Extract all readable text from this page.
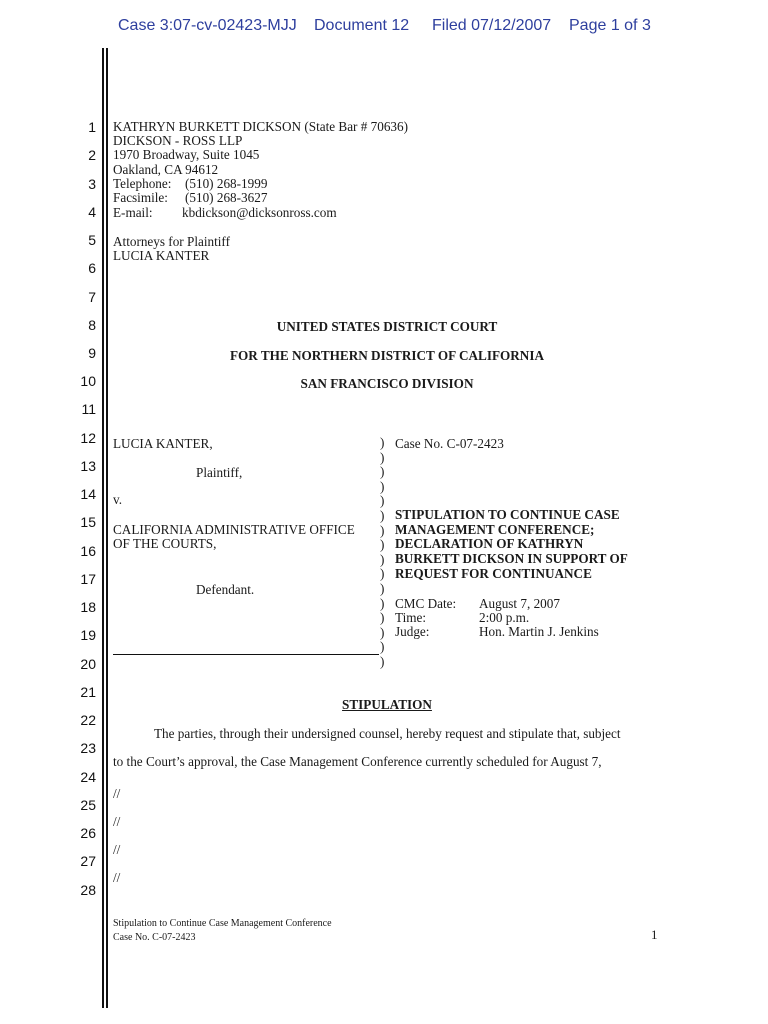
Case 3:07-cv-02423-MJJ Document 12 Filed 07/12/2007 Page 1 of 3
1
2
3
4
5
6
7
8
9
10
11
12
13
14
15
16
17
18
19
20
21
22
23
24
25
26
27
28
KATHRYN BURKETT DICKSON (State Bar # 70636)
DICKSON - ROSS LLP
1970 Broadway, Suite 1045
Oakland, CA 94612
Telephone: (510) 268-1999
Facsimile: (510) 268-3627
E-mail: kbdickson@dicksonross.com
Attorneys for Plaintiff
LUCIA KANTER
UNITED STATES DISTRICT COURT
FOR THE NORTHERN DISTRICT OF CALIFORNIA
SAN FRANCISCO DIVISION
LUCIA KANTER,
Plaintiff,
v.
CALIFORNIA ADMINISTRATIVE OFFICE
OF THE COURTS,
Defendant.
)
)
)
)
)
)
)
)
)
)
)
)
)
)
)
)
Case No. C-07-2423
STIPULATION TO CONTINUE CASE
MANAGEMENT CONFERENCE;
DECLARATION OF KATHRYN
BURKETT DICKSON IN SUPPORT OF
REQUEST FOR CONTINUANCE
CMC Date: August 7, 2007
Time:	2:00 p.m.
Judge:	Hon. Martin J. Jenkins
STIPULATION
The parties, through their undersigned counsel, hereby request and stipulate that, subject
to the Court’s approval, the Case Management Conference currently scheduled for August 7,
//
//
//
//
Stipulation to Continue Case Management Conference
Case No. C-07-2423	1
